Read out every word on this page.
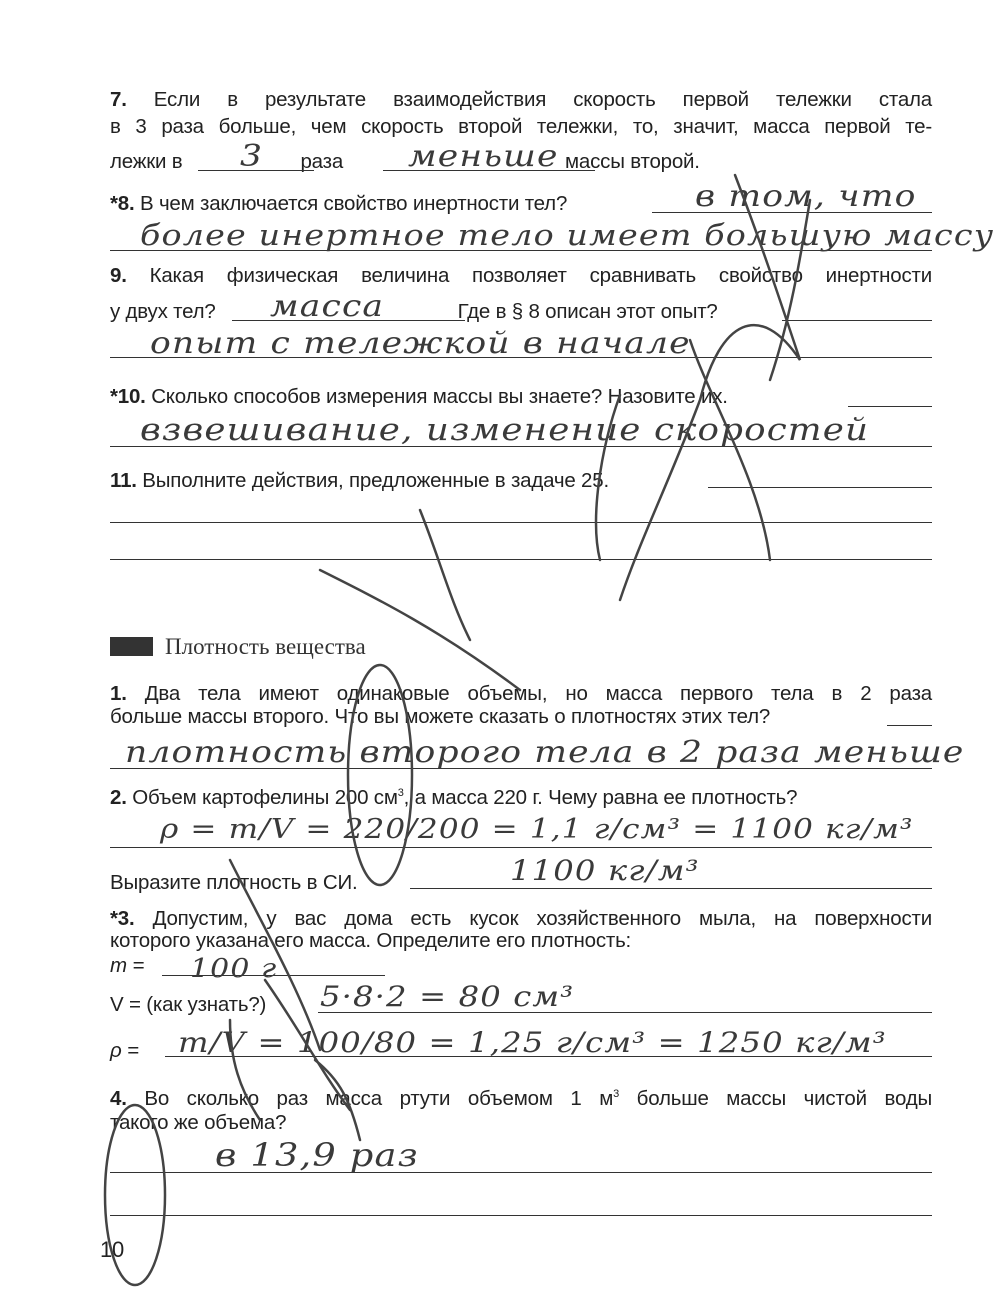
7. Если в результате взаимодействия скорость первой тележки стала
в 3 раза больше, чем скорость второй тележки, то, значит, масса первой те-
лежки в	раза	массы второй.
3	меньше
*8. В чем заключается свойство инертности тел?	в том, что
более инертное тело имеет большую массу
9. Какая физическая величина позволяет сравнивать свойство инертности
у двух тел?	Где в § 8 описан этот опыт?
масса
опыт с тележкой в начале
*10. Сколько способов измерения массы вы знаете? Назовите их.
взвешивание, изменение скоростей
11. Выполните действия, предложенные в задаче 25.
Плотность вещества
1. Два тела имеют одинаковые объемы, но масса первого тела в 2 раза
больше массы второго. Что вы можете сказать о плотностях этих тел?
плотность второго тела в 2 раза меньше
2. Объем картофелины 200 $см^3$, а масса 220 г. Чему равна ее плотность?
ρ = m/V = 220/200 = 1,1 г/см³ = 1100 кг/м³
Выразите плотность в СИ.	1100 кг/м³
*3. Допустим, у вас дома есть кусок хозяйственного мыла, на поверхности
которого указана его масса. Определите его плотность:
m = 100 г
V = (как узнать?)	5·8·2 = 80 см³
ρ =	m/V = 100/80 = 1,25 г/см³ = 1250 кг/м³
4. Во сколько раз масса ртути объемом 1 $м^3$ больше массы чистой воды
такого же объема?
в 13,9 раз
10
